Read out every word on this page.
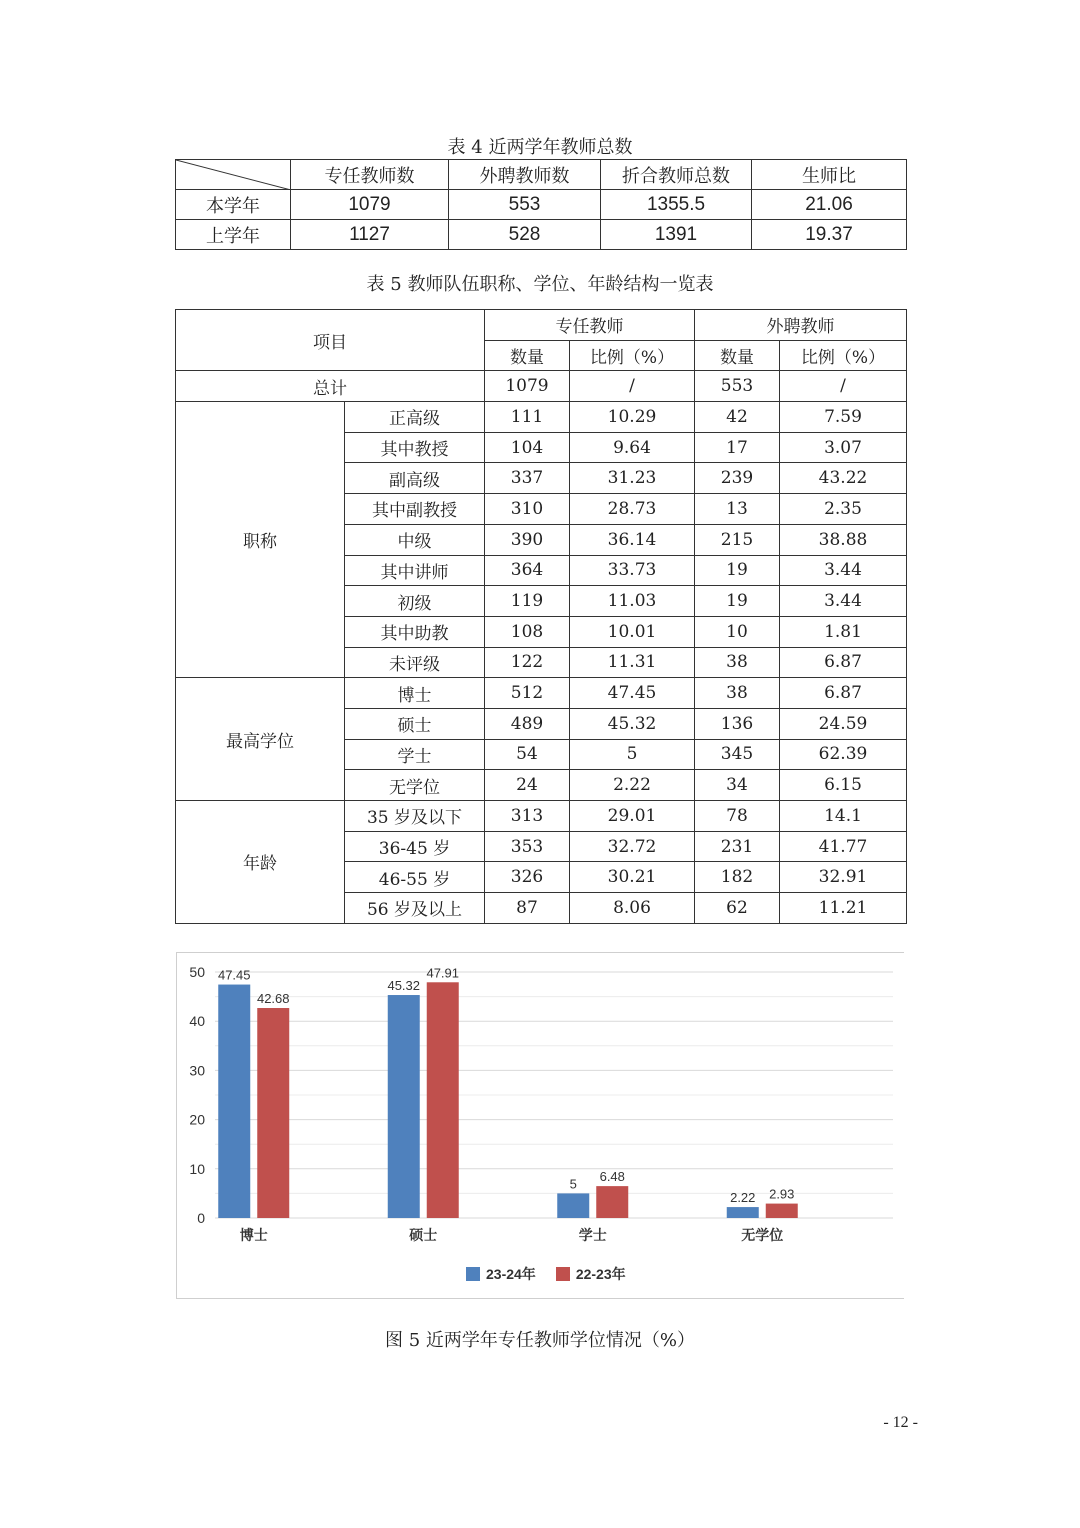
表 4 近两学年教师总数
	专任教师数	外聘教师数	折合教师总数	生师比
本学年	1079	553	1355.5	21.06
上学年	1127	528	1391	19.37
表 5 教师队伍职称、学位、年龄结构一览表
项目		专任教师		外聘教师	
		数量	比例（%）	数量	比例（%）
总计		1079	/	553	/
职称	正高级	111	10.29	42	7.59
	其中教授	104	9.64	17	3.07
	副高级	337	31.23	239	43.22
	其中副教授	310	28.73	13	2.35
	中级	390	36.14	215	38.88
	其中讲师	364	33.73	19	3.44
	初级	119	11.03	19	3.44
	其中助教	108	10.01	10	1.81
	未评级	122	11.31	38	6.87
最高学位	博士	512	47.45	38	6.87
	硕士	489	45.32	136	24.59
	学士	54	5	345	62.39
	无学位	24	2.22	34	6.15
年龄	35 岁及以下	313	29.01	78	14.1
	36-45 岁	353	32.72	231	41.77
	46-55 岁	326	30.21	182	32.91
	56 岁及以上	87	8.06	62	11.21
0
10
20
30
40
50 47.45
42.68
博士
45.32
47.91
硕士
5 6.48
学士
2.22 2.93
无学位
23-24年	22-23年
图 5 近两学年专任教师学位情况（%）
- 12 -
